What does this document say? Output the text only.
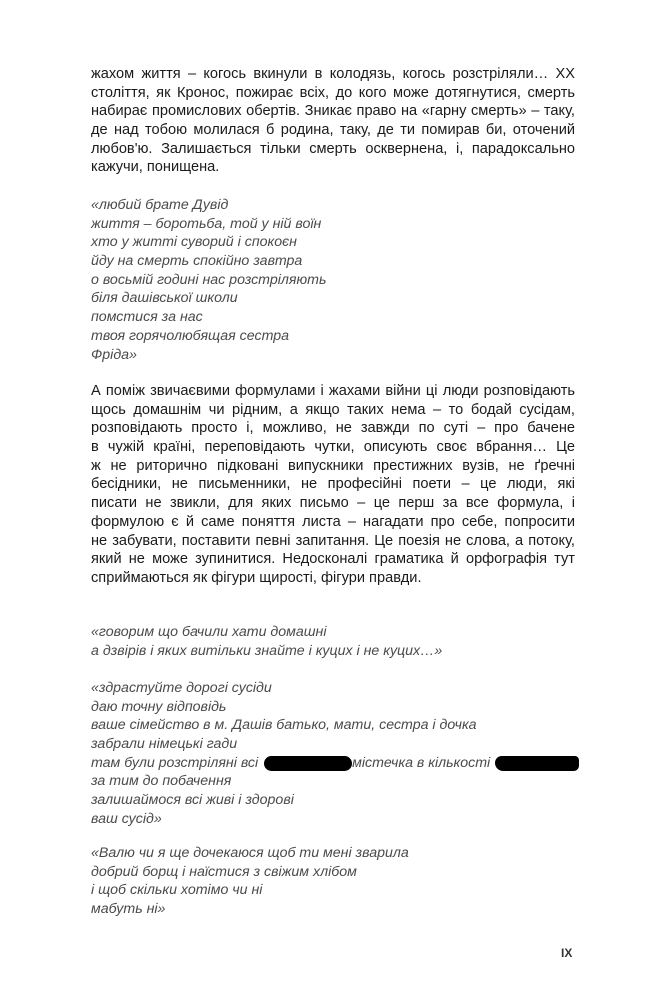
жахом життя – когось вкинули в колодязь, когось розстріляли… XX
століття, як Кронос, пожирає всіх, до кого може дотягнутися, смерть
набирає промислових обертів. Зникає право на «гарну смерть» – таку,
де над тобою молилася б родина, таку, де ти помирав би, оточений
любов'ю. Залишається тільки смерть осквернена, і, парадоксально
кажучи, понищена.
«любий брате Дувід
життя – боротьба, той у ній воїн
хто у житті суворий і спокоєн
йду на смерть спокійно завтра
о восьмій годині нас розстріляють
біля дашівської школи
помстися за нас
твоя горячолюбящая сестра
Фріда»
А поміж звичаєвими формулами і жахами війни ці люди розповідають
щось домашнім чи рідним, а якщо таких нема – то бодай сусідам,
розповідають просто і, можливо, не завжди по суті – про бачене
в чужій країні, переповідають чутки, описують своє вбрання… Це
ж не риторично підковані випускники престижних вузів, не ґречні
бесідники, не письменники, не професійні поети – це люди, які
писати не звикли, для яких письмо – це перш за все формула, і
формулою є й саме поняття листа – нагадати про себе, попросити
не забувати, поставити певні запитання. Це поезія не слова, а потоку,
який не може зупинитися. Недосконалі граматика й орфографія тут
сприймаються як фігури щирості, фігури правди.
«говорим що бачили хати домашні
а дзвірів і яких витільки знайте і куцих і не куцих…»
«здрастуйте дорогі сусіди
даю точну відповідь
ваше сімейство в м. Дашів батько, мати, сестра і дочка
забрали німецькі гади
там були розстріляні всі	містечка в кількості
за тим до побачення
залишаймося всі живі і здорові
ваш сусід»
«Валю чи я ще дочекаюся щоб ти мені зварила
добрий борщ і наїстися з свіжим хлібом
і щоб скільки хотімо чи ні
мабуть ні»
IX
